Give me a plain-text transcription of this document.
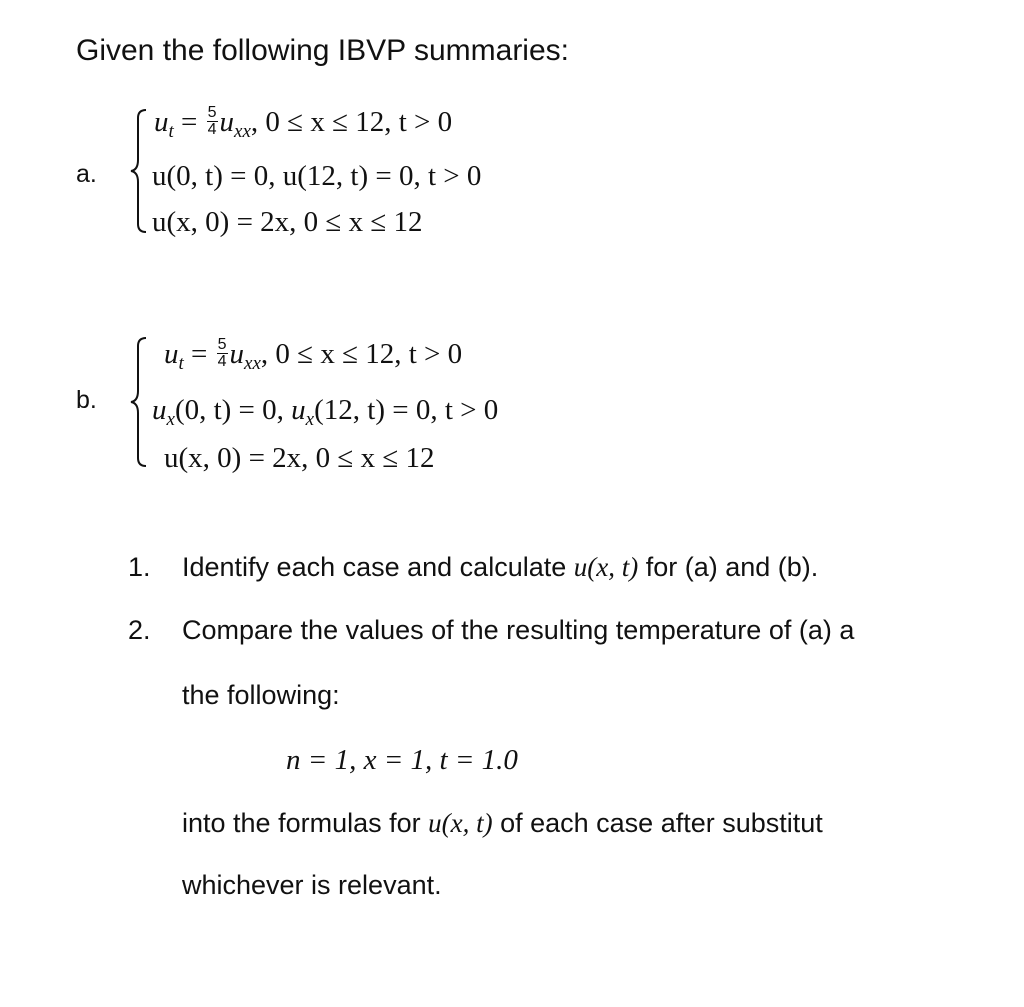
Given the following IBVP summaries:
a.
$u_t = \frac{5}{4} u_{xx}$, 0 ≤ x ≤ 12, t > 0
u(0, t) = 0, u(12, t) = 0, t > 0
u(x, 0) = 2x, 0 ≤ x ≤ 12
b.
$u_t = \frac{5}{4} u_{xx}$, 0 ≤ x ≤ 12, t > 0
$u_x(0$, t) = 0, $u_x(12$, t) = 0, t > 0
u(x, 0) = 2x, 0 ≤ x ≤ 12
1. Identify each case and calculate u(x, t) for (a) and (b).
2. Compare the values of the resulting temperature of (a) a
the following:
n = 1, x = 1, t = 1.0
into the formulas for u(x, t) of each case after substitut
whichever is relevant.
